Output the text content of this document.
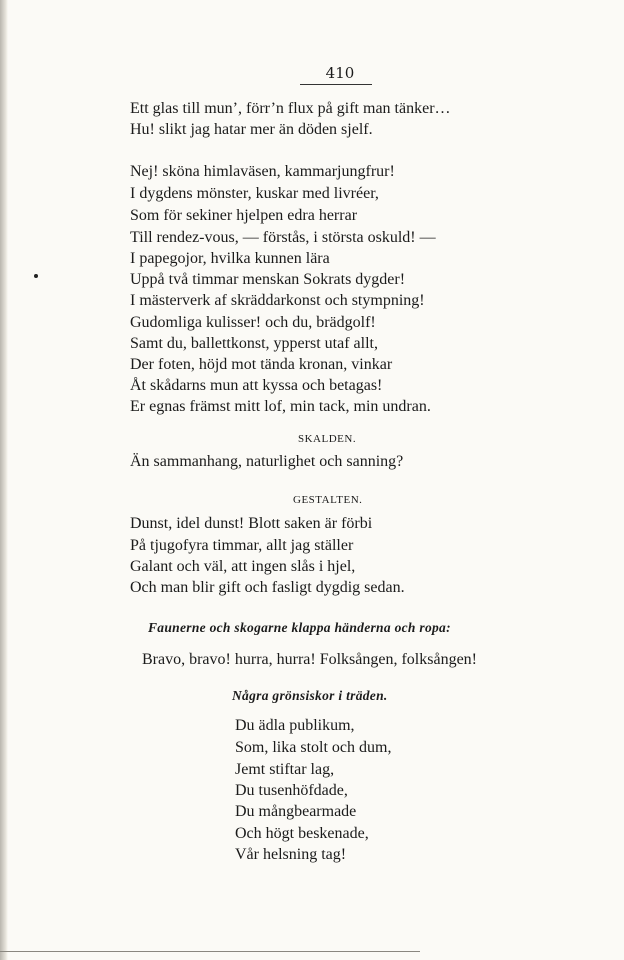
410
Ett glas till mun’, förr’n flux på gift man tänker…
Hu! slikt jag hatar mer än döden sjelf.
Nej! sköna himlaväsen, kammarjungfrur!
I dygdens mönster, kuskar med livréer,
Som för sekiner hjelpen edra herrar
Till rendez-vous, — förstås, i största oskuld! —
I papegojor, hvilka kunnen lära
Uppå två timmar menskan Sokrats dygder!
I mästerverk af skräddarkonst och stympning!
Gudomliga kulisser! och du, brädgolf!
Samt du, ballettkonst, ypperst utaf allt,
Der foten, höjd mot tända kronan, vinkar
Åt skådarns mun att kyssa och betagas!
Er egnas främst mitt lof, min tack, min undran.
SKALDEN.
Än sammanhang, naturlighet och sanning?
GESTALTEN.
Dunst, idel dunst! Blott saken är förbi
På tjugofyra timmar, allt jag ställer
Galant och väl, att ingen slås i hjel,
Och man blir gift och fasligt dygdig sedan.
Faunerne och skogarne klappa händerna och ropa:
Bravo, bravo! hurra, hurra! Folksången, folksången!
Några grönsiskor i träden.
Du ädla publikum,
Som, lika stolt och dum,
Jemt stiftar lag,
Du tusenhöfdade,
Du mångbearmade
Och högt beskenade,
Vår helsning tag!
